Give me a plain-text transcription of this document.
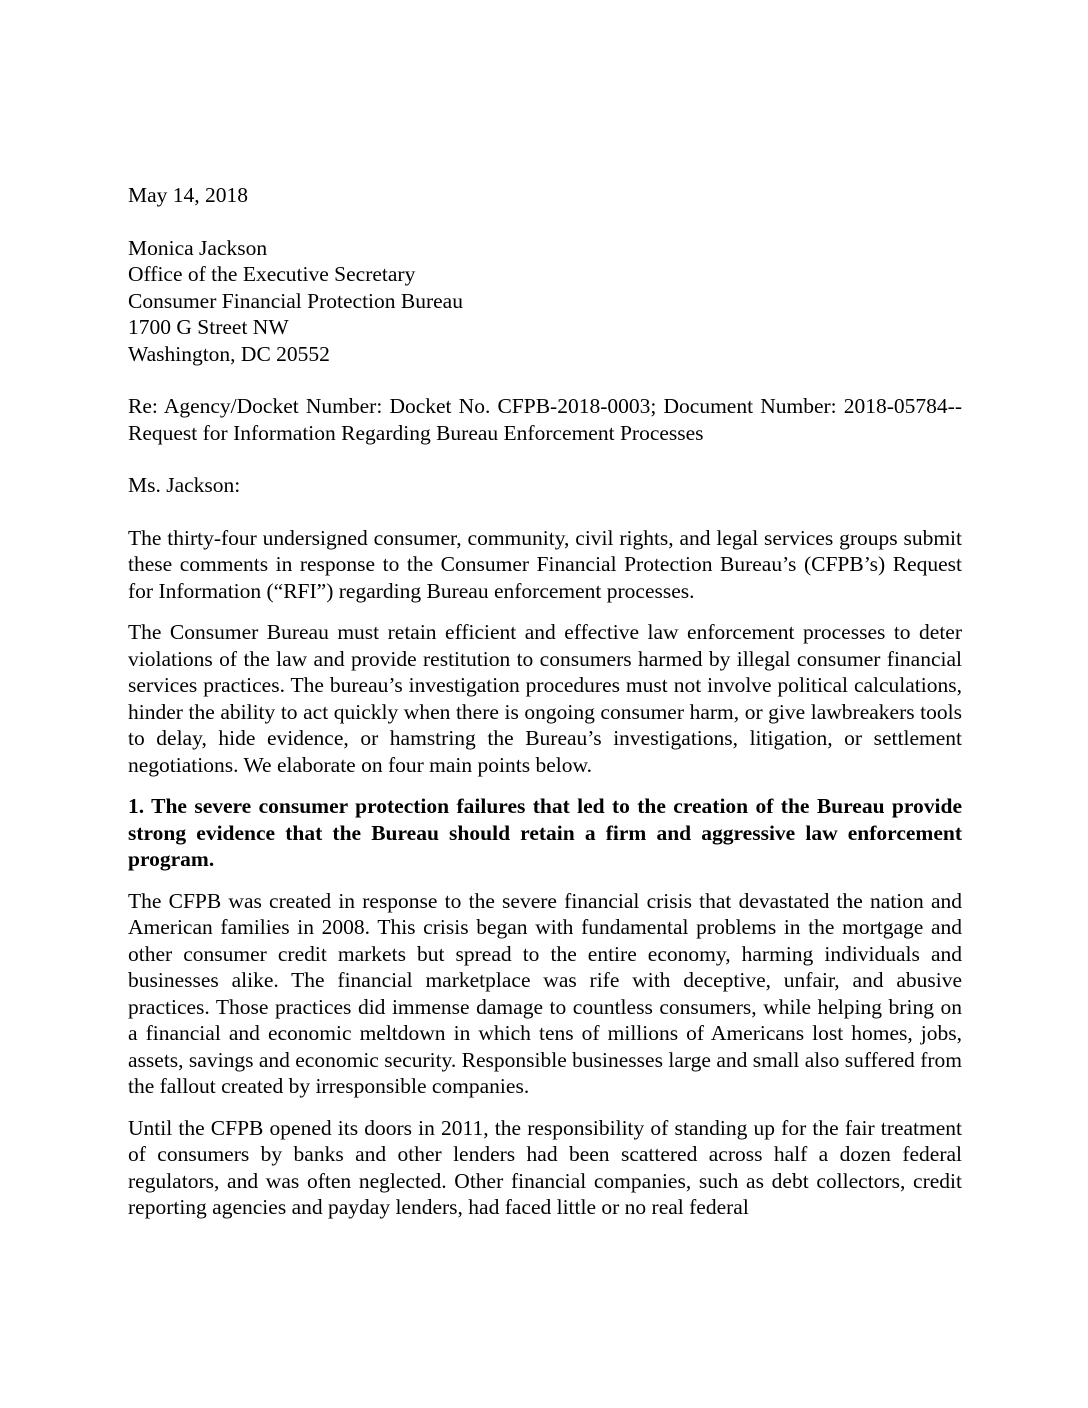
May 14, 2018
Monica Jackson
Office of the Executive Secretary
Consumer Financial Protection Bureau
1700 G Street NW
Washington, DC 20552
Re: Agency/Docket Number: Docket No. CFPB-2018-0003; Document Number: 2018-05784--Request for Information Regarding Bureau Enforcement Processes
Ms. Jackson:

The thirty-four undersigned consumer, community, civil rights, and legal services groups submit these comments in response to the Consumer Financial Protection Bureau’s (CFPB’s) Request for Information (“RFI”) regarding Bureau enforcement processes.

The Consumer Bureau must retain efficient and effective law enforcement processes to deter violations of the law and provide restitution to consumers harmed by illegal consumer financial services practices. The bureau’s investigation procedures must not involve political calculations, hinder the ability to act quickly when there is ongoing consumer harm, or give lawbreakers tools to delay, hide evidence, or hamstring the Bureau’s investigations, litigation, or settlement negotiations. We elaborate on four main points below.

1. The severe consumer protection failures that led to the creation of the Bureau provide strong evidence that the Bureau should retain a firm and aggressive law enforcement program.

The CFPB was created in response to the severe financial crisis that devastated the nation and American families in 2008. This crisis began with fundamental problems in the mortgage and other consumer credit markets but spread to the entire economy, harming individuals and businesses alike. The financial marketplace was rife with deceptive, unfair, and abusive practices. Those practices did immense damage to countless consumers, while helping bring on a financial and economic meltdown in which tens of millions of Americans lost homes, jobs, assets, savings and economic security. Responsible businesses large and small also suffered from the fallout created by irresponsible companies.

Until the CFPB opened its doors in 2011, the responsibility of standing up for the fair treatment of consumers by banks and other lenders had been scattered across half a dozen federal regulators, and was often neglected. Other financial companies, such as debt collectors, credit reporting agencies and payday lenders, had faced little or no real federal
